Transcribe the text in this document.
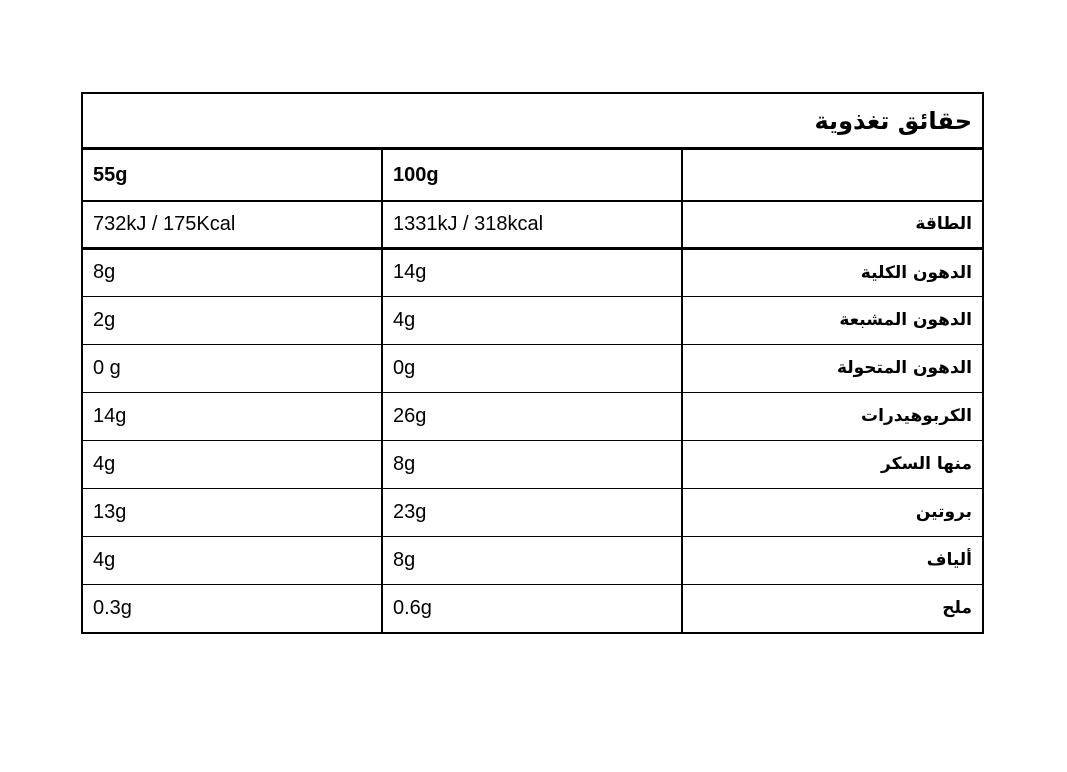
حقائق تغذوية
	100g	55g
الطاقة	1331kJ / 318kcal	732kJ / 175Kcal
الدهون الكلية	14g	8g
الدهون المشبعة	4g	2g
الدهون المتحولة	0g	0 g
الكربوهيدرات	26g	14g
منها السكر	8g	4g
بروتين	23g	13g
ألياف	8g	4g
ملح	0.6g	0.3g
